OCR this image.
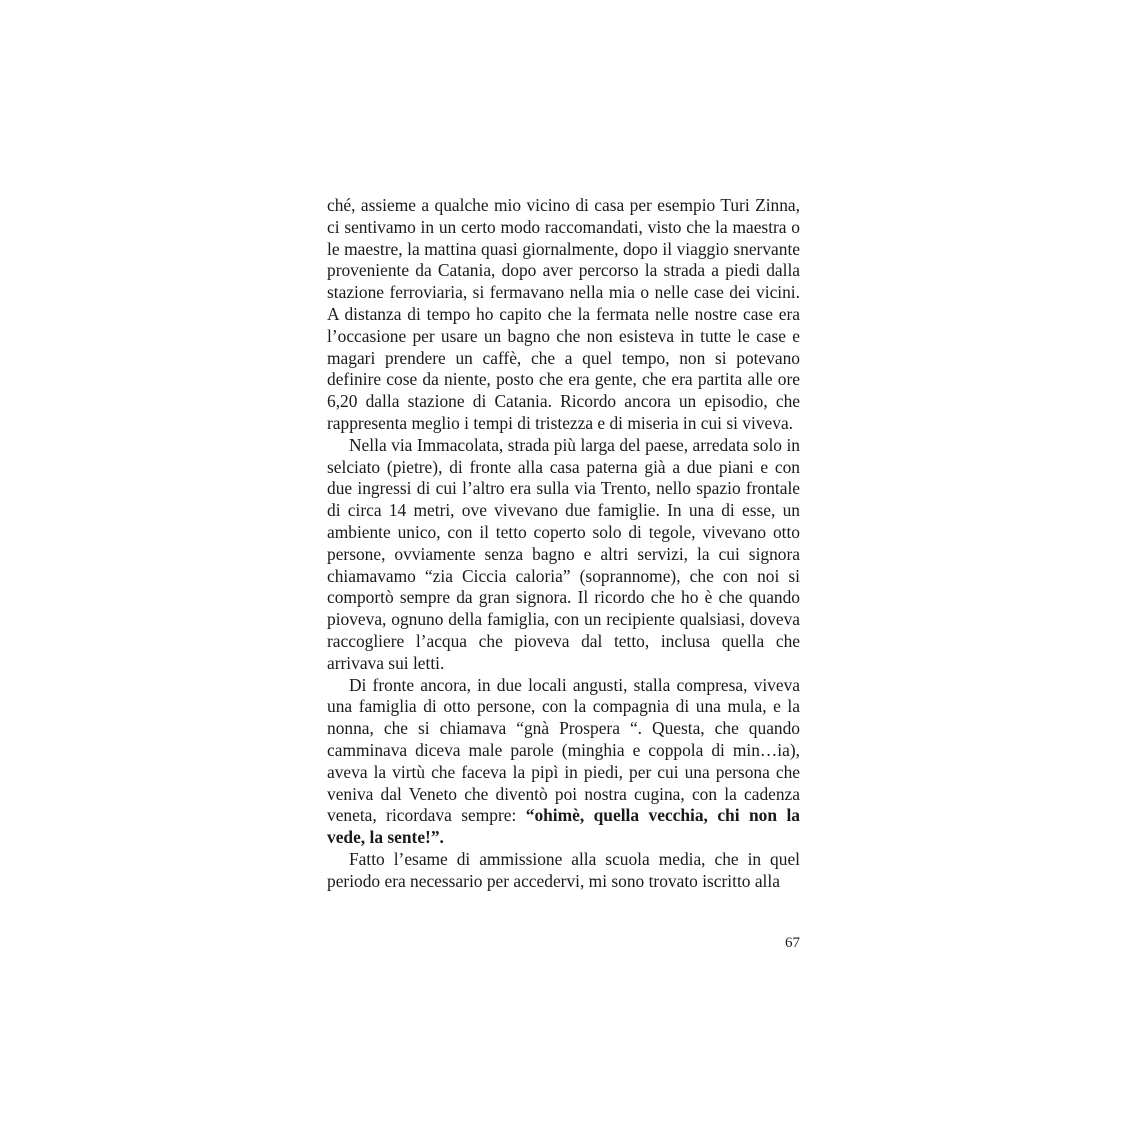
ché, assieme a qualche mio vicino di casa per esempio Turi Zinna, ci sentivamo in un certo modo raccomandati, visto che la maestra o le maestre, la mattina quasi giornalmente, dopo il viaggio snervante proveniente da Catania, dopo aver percorso la strada a piedi dalla stazione ferroviaria, si fermavano nella mia o nelle case dei vicini. A distanza di tempo ho capito che la fermata nelle nostre case era l’occasione per usare un bagno che non esisteva in tutte le case e magari prendere un caffè, che a quel tempo, non si potevano definire cose da niente, posto che era gente, che era partita alle ore 6,20 dalla stazione di Catania. Ricordo ancora un episodio, che rappresenta meglio i tempi di tristezza e di miseria in cui si viveva.

Nella via Immacolata, strada più larga del paese, arredata solo in selciato (pietre), di fronte alla casa paterna già a due piani e con due ingressi di cui l’altro era sulla via Trento, nello spazio frontale di circa 14 metri, ove vivevano due famiglie. In una di esse, un ambiente unico, con il tetto coperto solo di tegole, vivevano otto persone, ovviamente senza bagno e altri servizi, la cui signora chiamavamo “zia Ciccia caloria” (soprannome), che con noi si comportò sempre da gran signora. Il ricordo che ho è che quando pioveva, ognuno della famiglia, con un recipiente qualsiasi, doveva raccogliere l’acqua che pioveva dal tetto, inclusa quella che arrivava sui letti.

Di fronte ancora, in due locali angusti, stalla compresa, viveva una famiglia di otto persone, con la compagnia di una mula, e la nonna, che si chiamava “gnà Prospera “. Questa, che quando camminava diceva male parole (minghia e coppola di min…ia), aveva la virtù che faceva la pipì in piedi, per cui una persona che veniva dal Veneto che diventò poi nostra cugina, con la cadenza veneta, ricordava sempre: “ohimè, quella vecchia, chi non la vede, la sente!”.

Fatto l’esame di ammissione alla scuola media, che in quel periodo era necessario per accedervi, mi sono trovato iscritto alla

67
